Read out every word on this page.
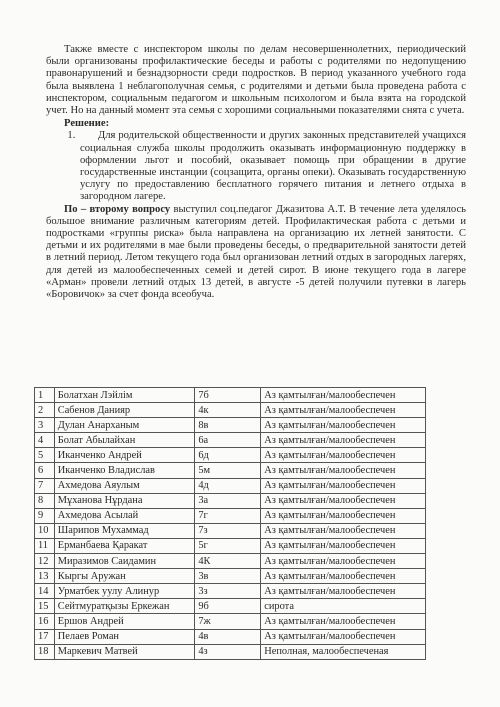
Также вместе с инспектором школы по делам несовершеннолетних, периодический были организованы профилактические беседы и работы с родителями по недопущению правонарушений и безнадзорности среди подростков. В период указанного учебного года была выявлена 1 неблагополучная семья, с родителями и детьми была проведена работа с инспектором, социальным педагогом и школьным психологом и была взята на городской учет. Но на данный момент эта семья с хорошими социальными показателями снята с учета.
Решение:
1. Для родительской общественности и других законных представителей учащихся социальная служба школы продолжить оказывать информационную поддержку в оформлении льгот и пособий, оказывает помощь при обращении в другие государственные инстанции (соцзащита, органы опеки). Оказывать государственную услугу по предоставлению бесплатного горячего питания и летнего отдыха в загородном лагере.
По – второму вопросу выступил соц.педагог Джазитова А.Т. В течение лета уделялось большое внимание различным категориям детей. Профилактическая работа с детьми и подростками «группы риска» была направлена на организацию их летней занятости. С детьми и их родителями в мае были проведены беседы, о предварительной занятости детей в летний период. Летом текущего года был организован летний отдых в загородных лагерях, для детей из малообеспеченных семей и детей сирот. В июне текущего года в лагере «Арман» провели летний отдых 13 детей, в августе -5 детей получили путевки в лагерь «Боровичок» за счет фонда всеобуча.
1	Болатхан Лэйлім	7б	Аз қамтылған/малообеспечен
2	Сабенов Данияр	4к	Аз қамтылған/малообеспечен
3	Дулан Анарханым	8в	Аз қамтылған/малообеспечен
4	Болат Абылайхан	6а	Аз қамтылған/малообеспечен
5	Иканченко Андрей	6д	Аз қамтылған/малообеспечен
6	Иканченко Владислав	5м	Аз қамтылған/малообеспечен
7	Ахмедова Аяулым	4д	Аз қамтылған/малообеспечен
8	Мұханова Нұрдана	3а	Аз қамтылған/малообеспечен
9	Ахмедова Асылай	7г	Аз қамтылған/малообеспечен
10	Шарипов Мухаммад	7з	Аз қамтылған/малообеспечен
11	Ерманбаева Қаракат	5г	Аз қамтылған/малообеспечен
12	Миразимов Саидамин	4К	Аз қамтылған/малообеспечен
13	Кыргы Аружан	3в	Аз қамтылған/малообеспечен
14	Урматбек уулу Алинур	3з	Аз қамтылған/малообеспечен
15	Сейтмуратқызы Еркежан	9б	сирота
16	Ершов Андрей	7ж	Аз қамтылған/малообеспечен
17	Пелаев Роман	4в	Аз қамтылған/малообеспечен
18	Маркевич Матвей	4з	Неполная, малообеспеченая
